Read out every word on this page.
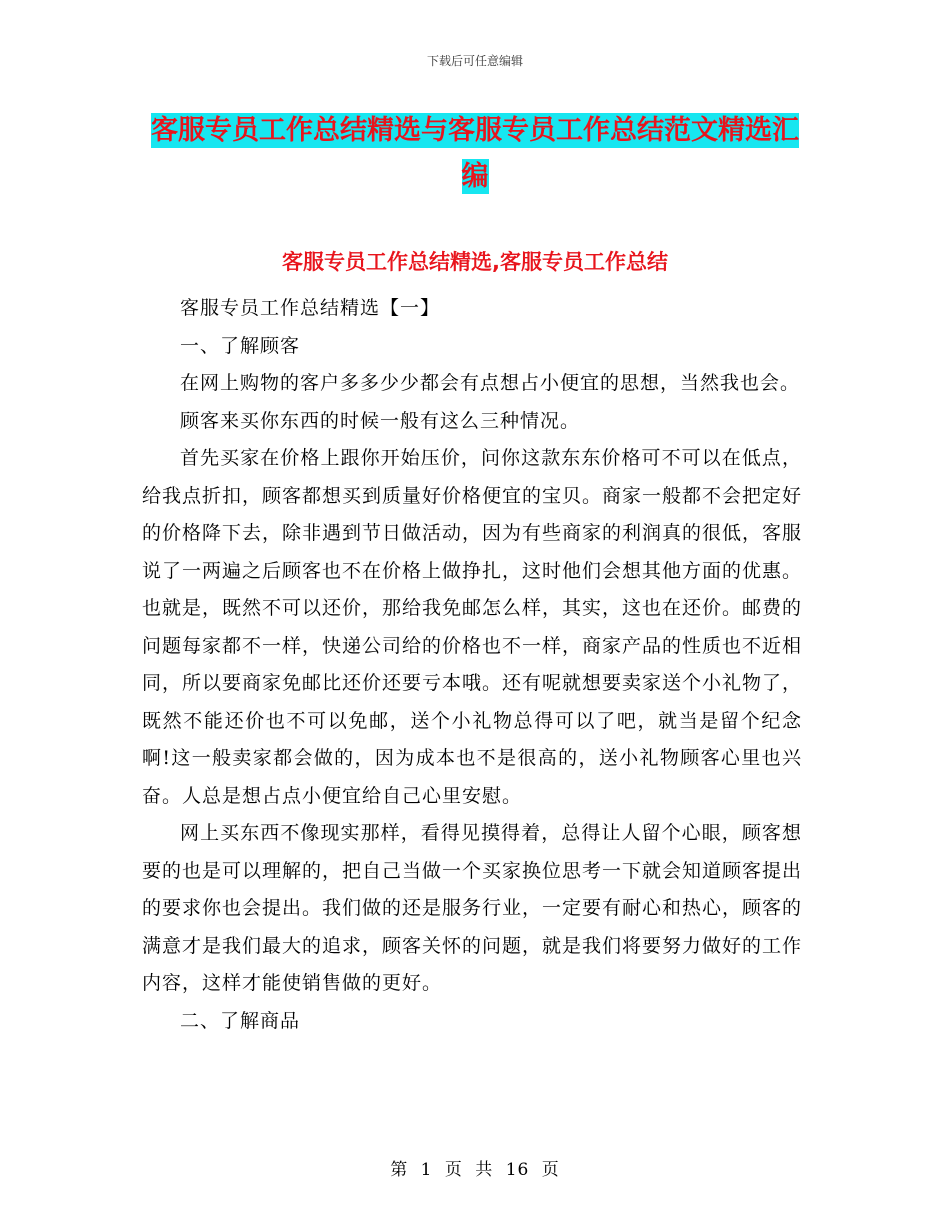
下载后可任意编辑
客服专员工作总结精选与客服专员工作总结范文精选汇编
客服专员工作总结精选,客服专员工作总结

客服专员工作总结精选【一】

一、了解顾客

在网上购物的客户多多少少都会有点想占小便宜的思想，当然我也会。

顾客来买你东西的时候一般有这么三种情况。

首先买家在价格上跟你开始压价，问你这款东东价格可不可以在低点，给我点折扣，顾客都想买到质量好价格便宜的宝贝。商家一般都不会把定好的价格降下去，除非遇到节日做活动，因为有些商家的利润真的很低，客服说了一两遍之后顾客也不在价格上做挣扎，这时他们会想其他方面的优惠。也就是，既然不可以还价，那给我免邮怎么样，其实，这也在还价。邮费的问题每家都不一样，快递公司给的价格也不一样，商家产品的性质也不近相同，所以要商家免邮比还价还要亏本哦。还有呢就想要卖家送个小礼物了，既然不能还价也不可以免邮，送个小礼物总得可以了吧，就当是留个纪念啊!这一般卖家都会做的，因为成本也不是很高的，送小礼物顾客心里也兴奋。人总是想占点小便宜给自己心里安慰。

网上买东西不像现实那样，看得见摸得着，总得让人留个心眼，顾客想要的也是可以理解的，把自己当做一个买家换位思考一下就会知道顾客提出的要求你也会提出。我们做的还是服务行业，一定要有耐心和热心，顾客的满意才是我们最大的追求，顾客关怀的问题，就是我们将要努力做好的工作内容，这样才能使销售做的更好。

二、了解商品

第 1 页 共 16 页
